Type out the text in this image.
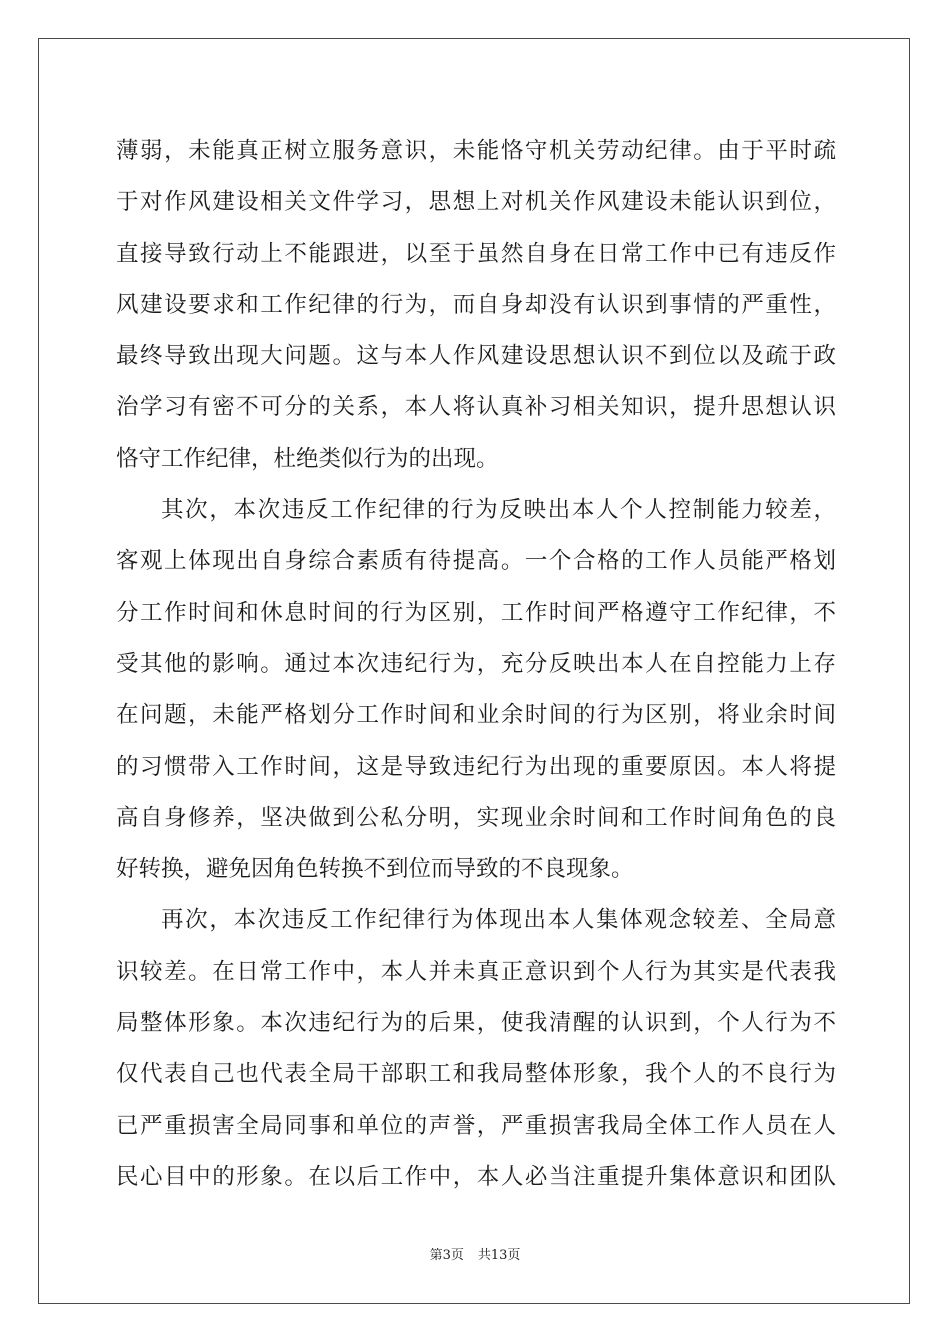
薄弱，未能真正树立服务意识，未能恪守机关劳动纪律。由于平时疏
于对作风建设相关文件学习，思想上对机关作风建设未能认识到位，
直接导致行动上不能跟进，以至于虽然自身在日常工作中已有违反作
风建设要求和工作纪律的行为，而自身却没有认识到事情的严重性，
最终导致出现大问题。这与本人作风建设思想认识不到位以及疏于政
治学习有密不可分的关系，本人将认真补习相关知识，提升思想认识
恪守工作纪律，杜绝类似行为的出现。
其次，本次违反工作纪律的行为反映出本人个人控制能力较差，
客观上体现出自身综合素质有待提高。一个合格的工作人员能严格划
分工作时间和休息时间的行为区别，工作时间严格遵守工作纪律，不
受其他的影响。通过本次违纪行为，充分反映出本人在自控能力上存
在问题，未能严格划分工作时间和业余时间的行为区别，将业余时间
的习惯带入工作时间，这是导致违纪行为出现的重要原因。本人将提
高自身修养，坚决做到公私分明，实现业余时间和工作时间角色的良
好转换，避免因角色转换不到位而导致的不良现象。
再次，本次违反工作纪律行为体现出本人集体观念较差、全局意
识较差。在日常工作中，本人并未真正意识到个人行为其实是代表我
局整体形象。本次违纪行为的后果，使我清醒的认识到，个人行为不
仅代表自己也代表全局干部职工和我局整体形象，我个人的不良行为
已严重损害全局同事和单位的声誉，严重损害我局全体工作人员在人
民心目中的形象。在以后工作中，本人必当注重提升集体意识和团队
第3页 共13页
